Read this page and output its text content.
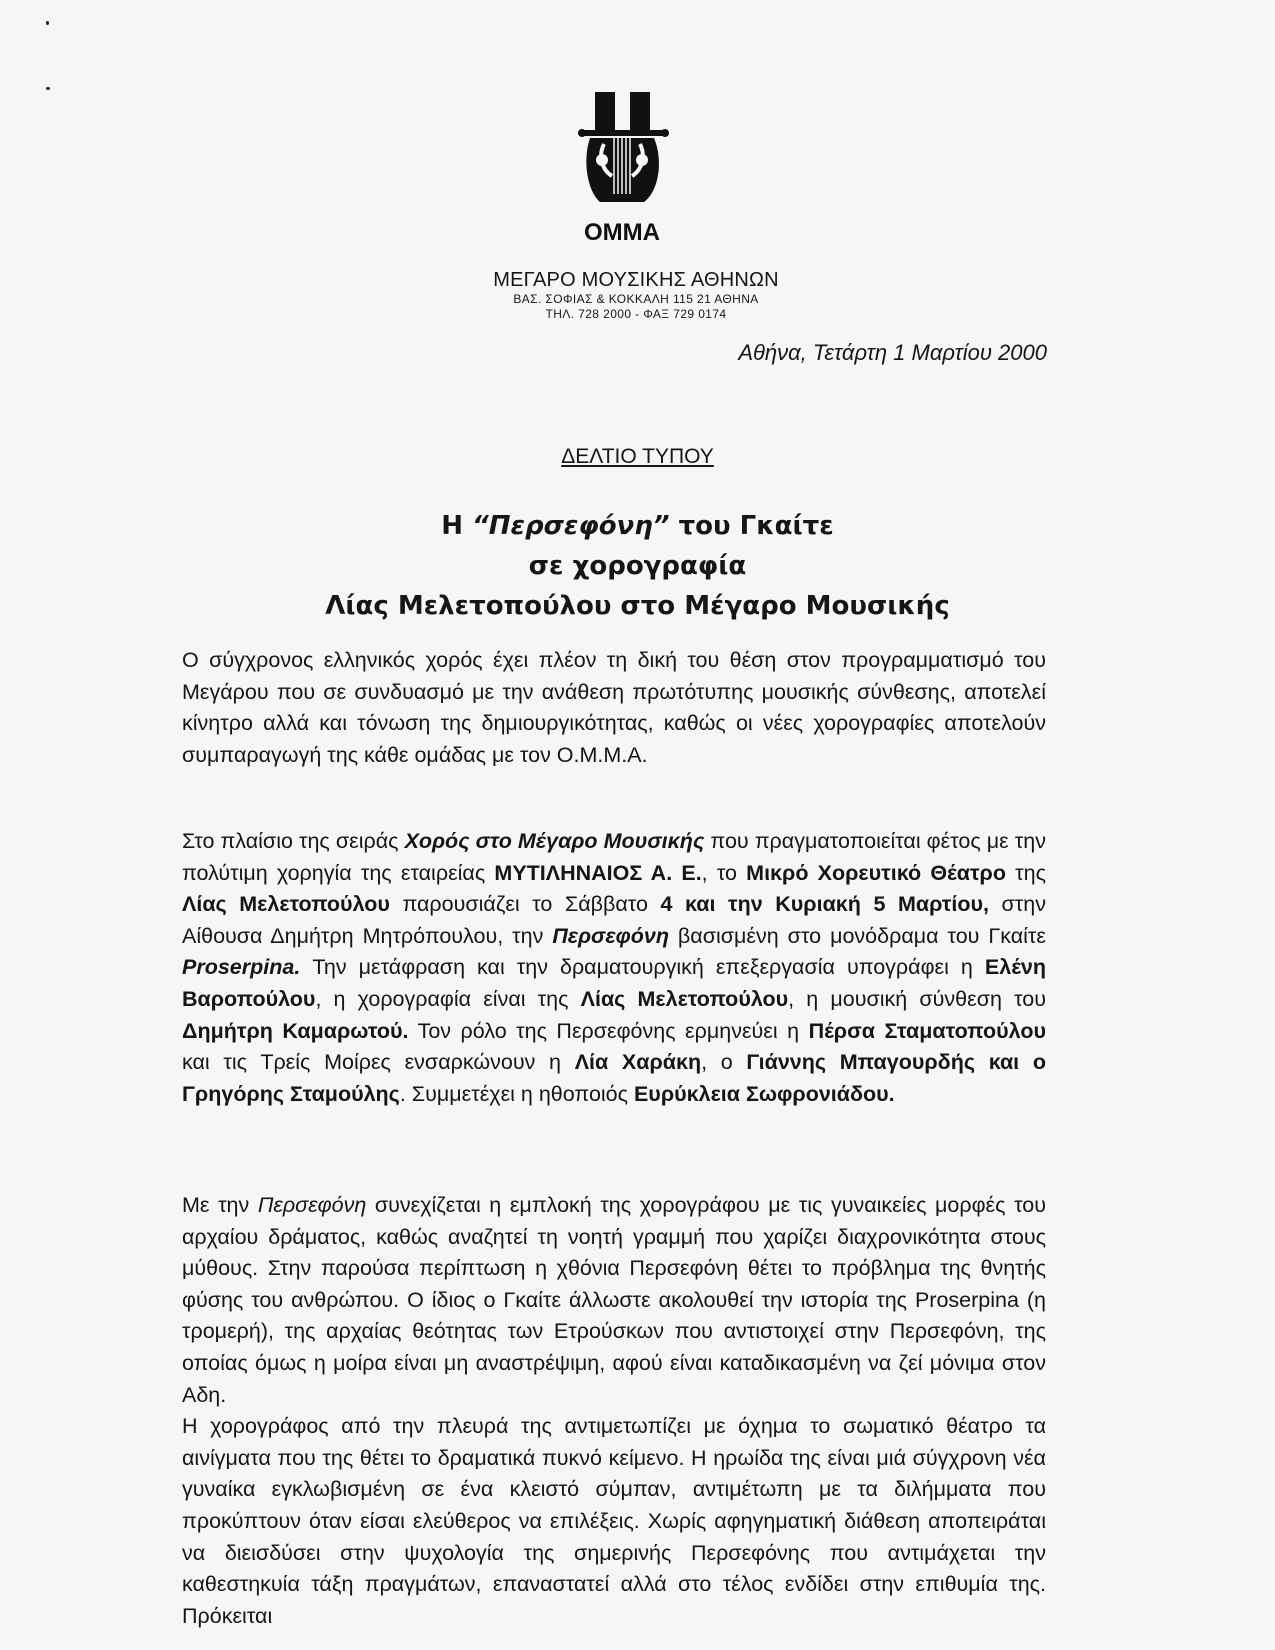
OMMA
ΜΕΓΑΡΟ ΜΟΥΣΙΚΗΣ ΑΘΗΝΩΝ
ΒΑΣ. ΣΟΦΙΑΣ & ΚΟΚΚΑΛΗ 115 21 ΑΘΗΝΑ
ΤΗΛ. 728 2000 - ΦΑΞ 729 0174
Αθήνα, Τετάρτη 1 Μαρτίου 2000
ΔΕΛΤΙΟ ΤΥΠΟΥ
Η “Περσεφόνη” του Γκαίτε
σε χορογραφία
Λίας Μελετοπούλου στο Μέγαρο Μουσικής
Ο σύγχρονος ελληνικός χορός έχει πλέον τη δική του θέση στον προγραμματισμό του Μεγάρου που σε συνδυασμό με την ανάθεση πρωτότυπης μουσικής σύνθεσης, αποτελεί κίνητρο αλλά και τόνωση της δημιουργικότητας, καθώς οι νέες χορογραφίες αποτελούν συμπαραγωγή της κάθε ομάδας με τον Ο.Μ.Μ.Α.
Στο πλαίσιο της σειράς Χορός στο Μέγαρο Μουσικής που πραγματοποιείται φέτος με την πολύτιμη χορηγία της εταιρείας ΜΥΤΙΛΗΝΑΙΟΣ Α. Ε., το Μικρό Χορευτικό Θέατρο της Λίας Μελετοπούλου παρουσιάζει το Σάββατο 4 και την Κυριακή 5 Μαρτίου, στην Αίθουσα Δημήτρη Μητρόπουλου, την Περσεφόνη βασισμένη στο μονόδραμα του Γκαίτε Proserpina. Την μετάφραση και την δραματουργική επεξεργασία υπογράφει η Ελένη Βαροπούλου, η χορογραφία είναι της Λίας Μελετοπούλου, η μουσική σύνθεση του Δημήτρη Καμαρωτού. Τον ρόλο της Περσεφόνης ερμηνεύει η Πέρσα Σταματοπούλου και τις Τρείς Μοίρες ενσαρκώνουν η Λία Χαράκη, ο Γιάννης Μπαγουρδής και ο Γρηγόρης Σταμούλης. Συμμετέχει η ηθοποιός Ευρύκλεια Σωφρονιάδου.
Με την Περσεφόνη συνεχίζεται η εμπλοκή της χορογράφου με τις γυναικείες μορφές του αρχαίου δράματος, καθώς αναζητεί τη νοητή γραμμή που χαρίζει διαχρονικότητα στους μύθους. Στην παρούσα περίπτωση η χθόνια Περσεφόνη θέτει το πρόβλημα της θνητής φύσης του ανθρώπου. Ο ίδιος ο Γκαίτε άλλωστε ακολουθεί την ιστορία της Proserpina (η τρομερή), της αρχαίας θεότητας των Ετρούσκων που αντιστοιχεί στην Περσεφόνη, της οποίας όμως η μοίρα είναι μη αναστρέψιμη, αφού είναι καταδικασμένη να ζεί μόνιμα στον Αδη.
Η χορογράφος από την πλευρά της αντιμετωπίζει με όχημα το σωματικό θέατρο τα αινίγματα που της θέτει το δραματικά πυκνό κείμενο. Η ηρωίδα της είναι μιά σύγχρονη νέα γυναίκα εγκλωβισμένη σε ένα κλειστό σύμπαν, αντιμέτωπη με τα διλήμματα που προκύπτουν όταν είσαι ελεύθερος να επιλέξεις. Χωρίς αφηγηματική διάθεση αποπειράται να διεισδύσει στην ψυχολογία της σημερινής Περσεφόνης που αντιμάχεται την καθεστηκυία τάξη πραγμάτων, επαναστατεί αλλά στο τέλος ενδίδει στην επιθυμία της. Πρόκειται
